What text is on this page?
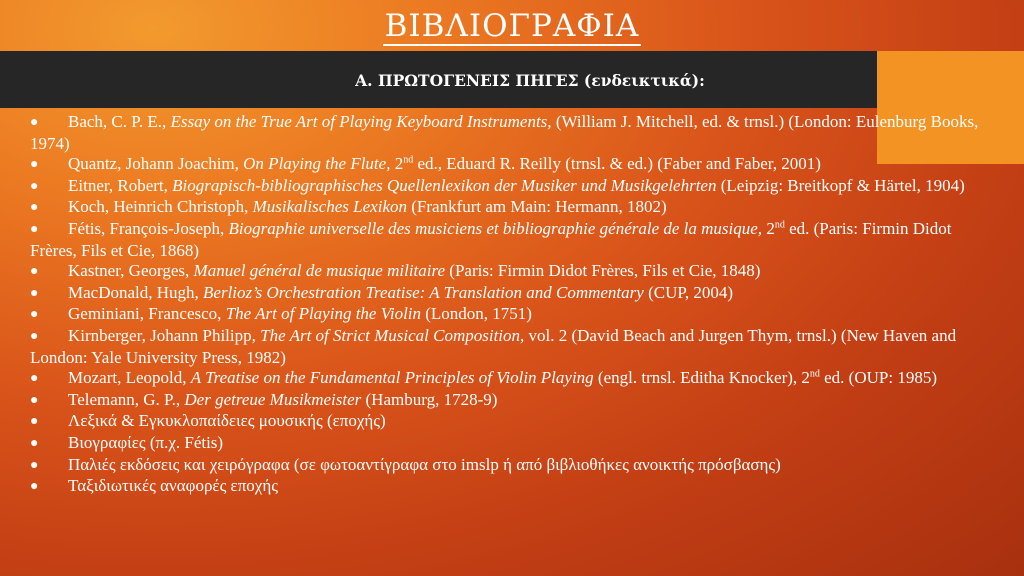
ΒΙΒΛΙΟΓΡΑΦΙΑ
Α. ΠΡΩΤΟΓΕΝΕΙΣ ΠΗΓΕΣ (ενδεικτικά):
● Bach, C. P. E., Essay on the True Art of Playing Keyboard Instruments, (William J. Mitchell, ed. & trnsl.) (London: Eulenburg Books, 1974)
● Quantz, Johann Joachim, On Playing the Flute, 2nd ed., Eduard R. Reilly (trnsl. & ed.) (Faber and Faber, 2001)
● Eitner, Robert, Biograpisch-bibliographisches Quellenlexikon der Musiker und Musikgelehrten (Leipzig: Breitkopf & Härtel, 1904)
● Koch, Heinrich Christoph, Musikalisches Lexikon (Frankfurt am Main: Hermann, 1802)
● Fétis, François-Joseph, Biographie universelle des musiciens et bibliographie générale de la musique, 2nd ed. (Paris: Firmin Didot Frères, Fils et Cie, 1868)
● Kastner, Georges, Manuel général de musique militaire (Paris: Firmin Didot Frères, Fils et Cie, 1848)
● MacDonald, Hugh, Berlioz’s Orchestration Treatise: A Translation and Commentary (CUP, 2004)
● Geminiani, Francesco, The Art of Playing the Violin (London, 1751)
● Kirnberger, Johann Philipp, The Art of Strict Musical Composition, vol. 2 (David Beach and Jurgen Thym, trnsl.) (New Haven and London: Yale University Press, 1982)
● Mozart, Leopold, A Treatise on the Fundamental Principles of Violin Playing (engl. trnsl. Editha Knocker), 2nd ed. (OUP: 1985)
● Telemann, G. P., Der getreue Musikmeister (Hamburg, 1728-9)
● Λεξικά & Εγκυκλοπαίδειες μουσικής (εποχής)
● Βιογραφίες (π.χ. Fétis)
● Παλιές εκδόσεις και χειρόγραφα (σε φωτοαντίγραφα στο imslp ή από βιβλιοθήκες ανοικτής πρόσβασης)
● Ταξιδιωτικές αναφορές εποχής
